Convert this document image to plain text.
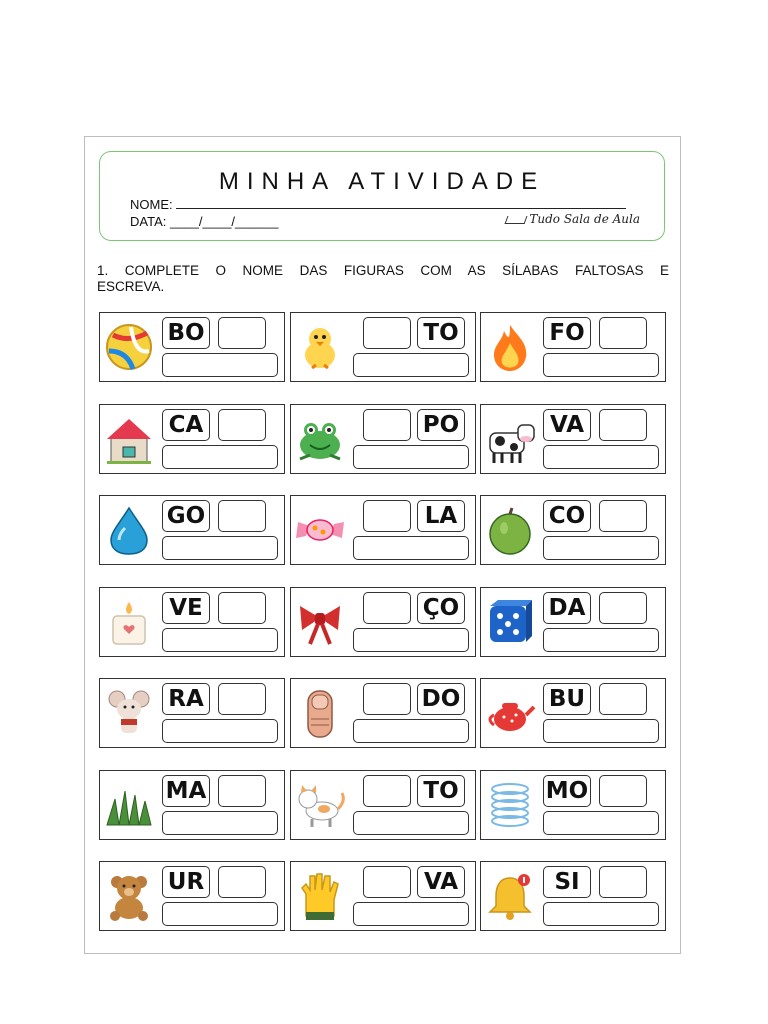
MINHA ATIVIDADE
NOME:
DATA: ____/____/______	Tudo Sala de Aula
1. COMPLETE O NOME DAS FIGURAS COM AS SÍLABAS FALTOSAS E
ESCREVA.
BO	TO	FO
CA	PO	VA
GO	LA	CO
VE	ÇO	DA
RA	DO	BU
MA	TO	MO
UR	VA	SI
